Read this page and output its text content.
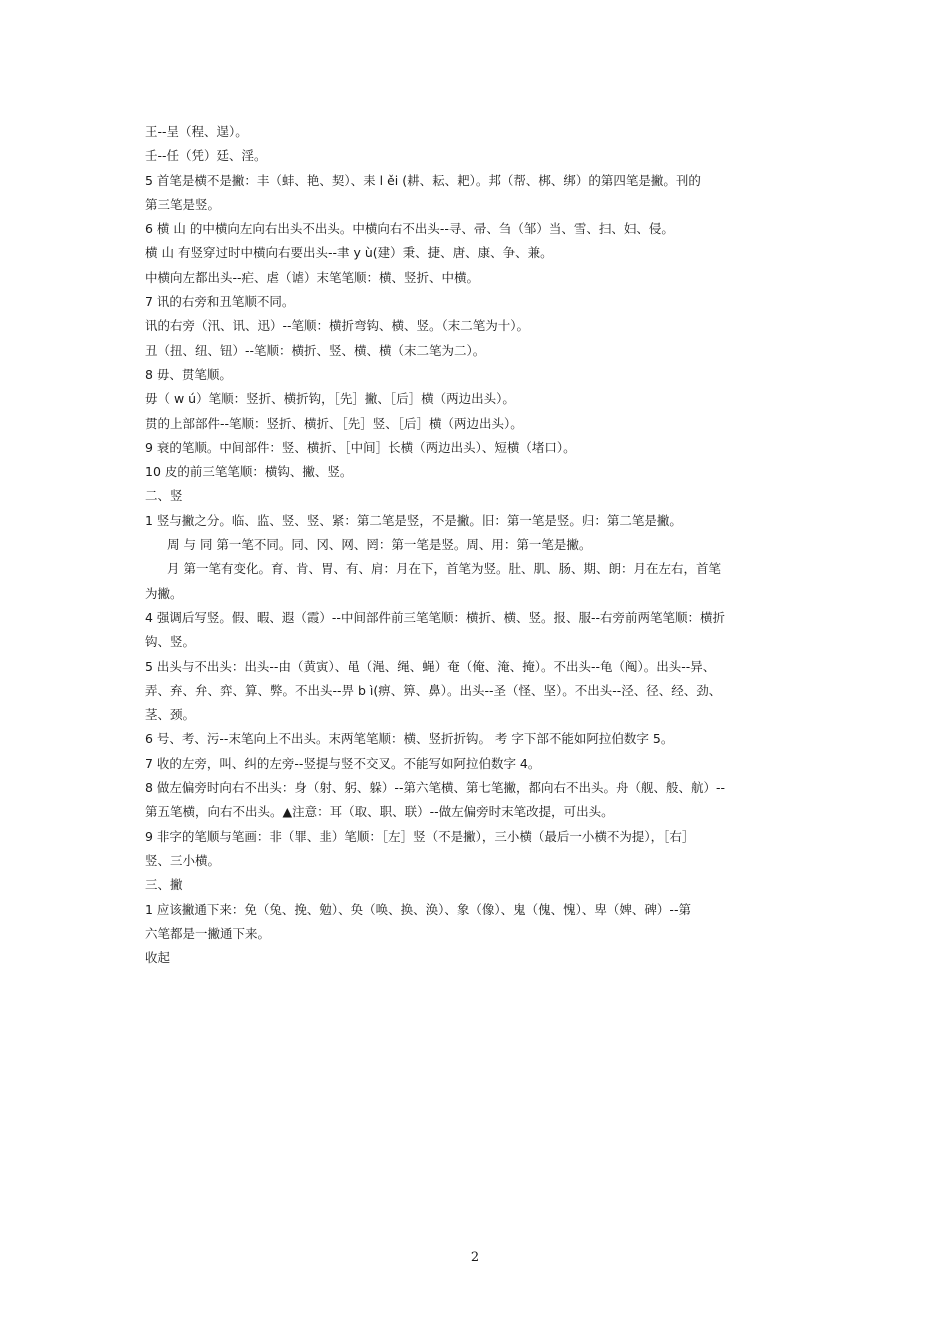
王--呈（程、逞）。
壬--任（凭）廷、淫。
5 首笔是横不是撇：丰（蚌、艳、契）、耒 l ěi (耕、耘、耙）。邦（帮、梆、绑）的第四笔是撇。刊的
第三笔是竖。
6 横 山 的中横向左向右出头不出头。中横向右不出头--寻、帚、刍（邹）当、雪、扫、妇、侵。
横 山 有竖穿过时中横向右要出头--聿 y ù(建）秉、捷、唐、康、争、兼。
中横向左都出头--疟、虐（谑）末笔笔顺：横、竖折、中横。
7 讯的右旁和丑笔顺不同。
讯的右旁（汛、讯、迅）--笔顺：横折弯钩、横、竖。（末二笔为十）。
丑（扭、纽、钮）--笔顺：横折、竖、横、横（末二笔为二）。
8 毋、贯笔顺。
毋（ w ú）笔顺：竖折、横折钩，［先］撇、［后］横（两边出头）。
贯的上部部件--笔顺：竖折、横折、［先］竖、［后］横（两边出头）。
9 衰的笔顺。中间部件：竖、横折、［中间］长横（两边出头）、短横（堵口）。
10 皮的前三笔笔顺：横钩、撇、竖。
二、竖
1 竖与撇之分。临、监、竖、竖、紧：第二笔是竖，不是撇。旧：第一笔是竖。归：第二笔是撇。
周 与 同 第一笔不同。同、冈、网、罔：第一笔是竖。周、用：第一笔是撇。
月 第一笔有变化。育、肯、胃、有、肩：月在下，首笔为竖。肚、肌、肠、期、朗：月在左右，首笔
为撇。
4 强调后写竖。假、暇、遐（霞）--中间部件前三笔笔顺：横折、横、竖。报、服--右旁前两笔笔顺：横折
钩、竖。
5 出头与不出头：出头--由（黄寅）、黾（渑、绳、蝇）奄（俺、淹、掩）。不出头--龟（阄）。出头--异、
弄、弃、弁、弈、算、弊。不出头--畀 b ì(痹、箅、鼻）。出头--圣（怪、坚）。不出头--泾、径、经、劲、
茎、颈。
6 号、考、污--末笔向上不出头。末两笔笔顺：横、竖折折钩。 考 字下部不能如阿拉伯数字 5。
7 收的左旁，叫、纠的左旁--竖提与竖不交叉。不能写如阿拉伯数字 4。
8 做左偏旁时向右不出头：身（射、躬、躲）--第六笔横、第七笔撇，都向右不出头。舟（舰、般、航）--
第五笔横，向右不出头。▲注意：耳（取、职、联）--做左偏旁时末笔改提，可出头。
9 非字的笔顺与笔画：非（罪、韭）笔顺：［左］竖（不是撇），三小横（最后一小横不为提），［右］
竖、三小横。
三、撇
1 应该撇通下来：免（兔、挽、勉）、奂（唤、换、涣）、象（像）、鬼（傀、愧）、卑（婢、碑）--第
六笔都是一撇通下来。
收起
2
